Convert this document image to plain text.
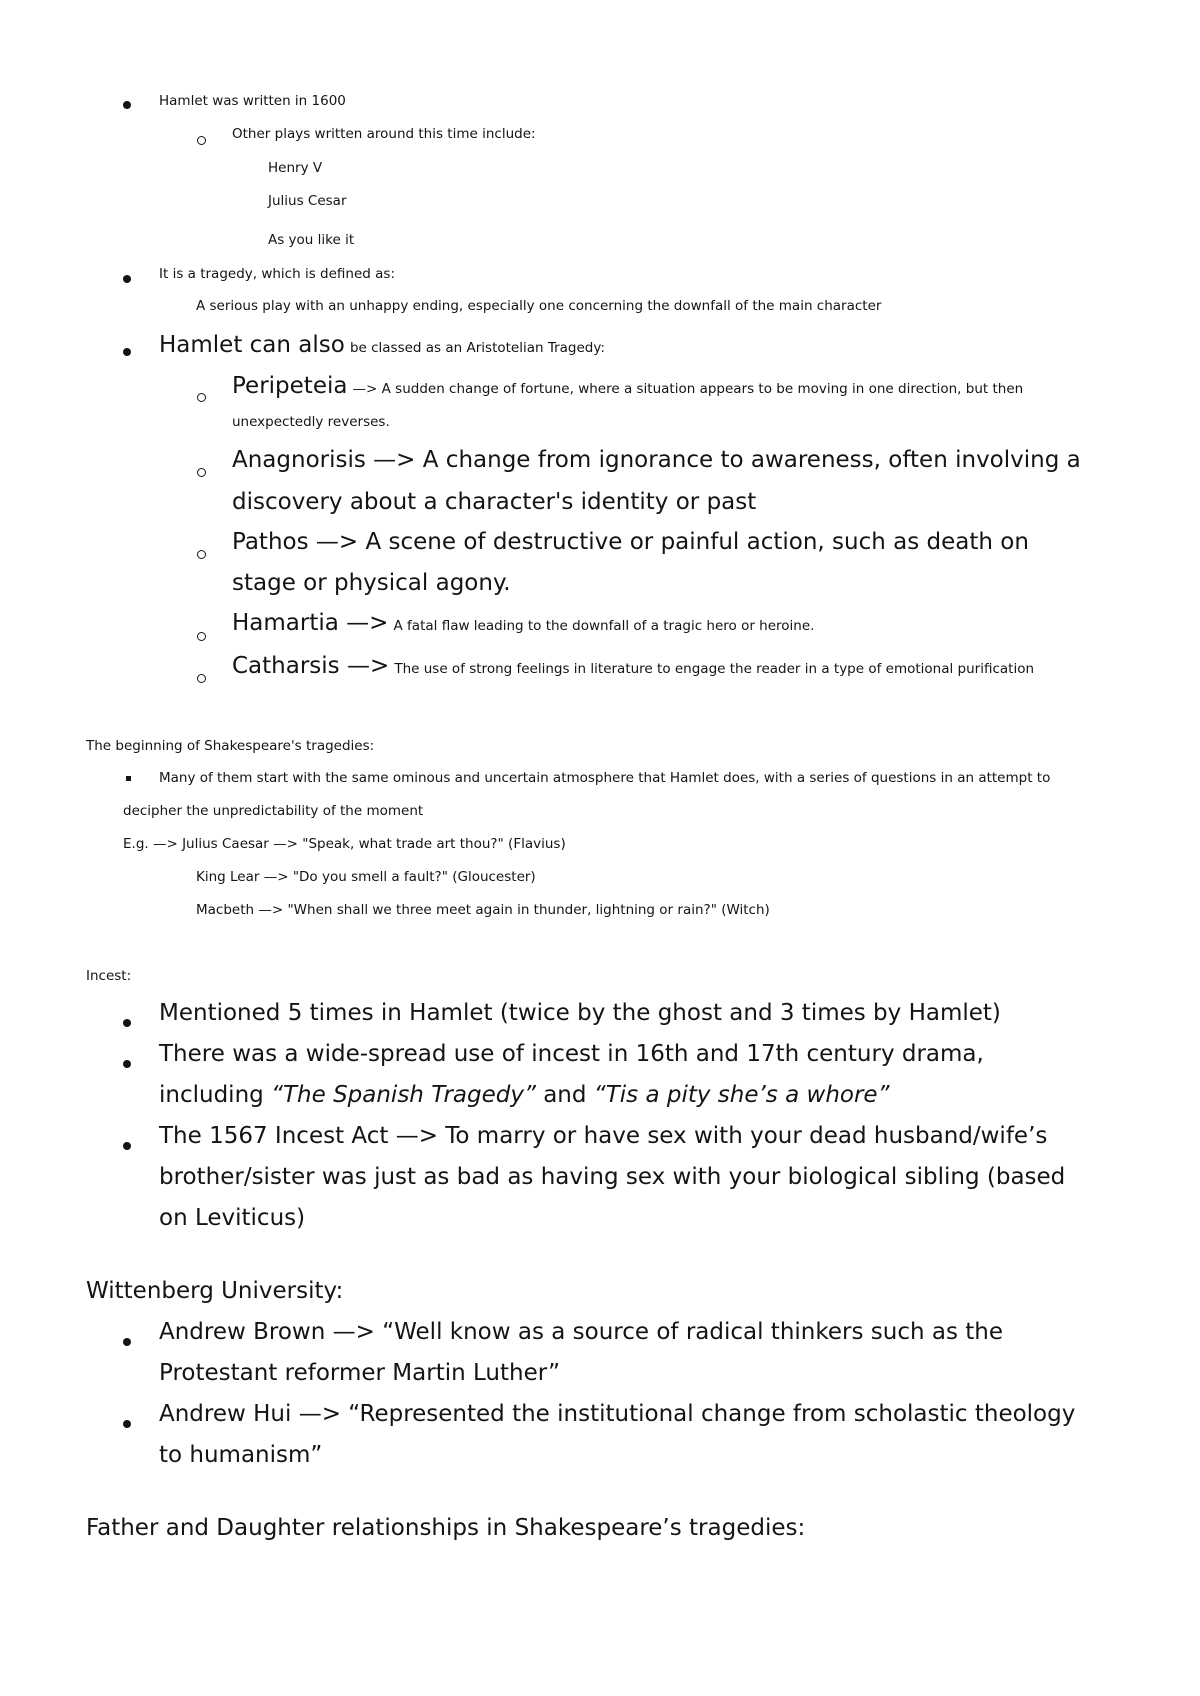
Hamlet was written in 1600
Other plays written around this time include:
Henry V
Julius Cesar
As you like it
It is a tragedy, which is defined as:
A serious play with an unhappy ending, especially one concerning the downfall of the main character
Hamlet can also be classed as an Aristotelian Tragedy:
Peripeteia —> A sudden change of fortune, where a situation appears to be moving in one direction, but then
unexpectedly reverses.
Anagnorisis —> A change from ignorance to awareness, often involving a
discovery about a character's identity or past
Pathos —> A scene of destructive or painful action, such as death on
stage or physical agony.
Hamartia —> A fatal flaw leading to the downfall of a tragic hero or heroine.
Catharsis —> The use of strong feelings in literature to engage the reader in a type of emotional purification
The beginning of Shakespeare's tragedies:
Many of them start with the same ominous and uncertain atmosphere that Hamlet does, with a series of questions in an attempt to
decipher the unpredictability of the moment
E.g. —> Julius Caesar —> "Speak, what trade art thou?" (Flavius)
King Lear —> "Do you smell a fault?" (Gloucester)
Macbeth —> "When shall we three meet again in thunder, lightning or rain?" (Witch)
Incest:
Mentioned 5 times in Hamlet (twice by the ghost and 3 times by Hamlet)
There was a wide-spread use of incest in 16th and 17th century drama,
including “The Spanish Tragedy” and “Tis a pity she’s a whore”
The 1567 Incest Act —> To marry or have sex with your dead husband/wife’s
brother/sister was just as bad as having sex with your biological sibling (based
on Leviticus)
Wittenberg University:
Andrew Brown —> “Well know as a source of radical thinkers such as the
Protestant reformer Martin Luther”
Andrew Hui —> “Represented the institutional change from scholastic theology
to humanism”
Father and Daughter relationships in Shakespeare’s tragedies:
